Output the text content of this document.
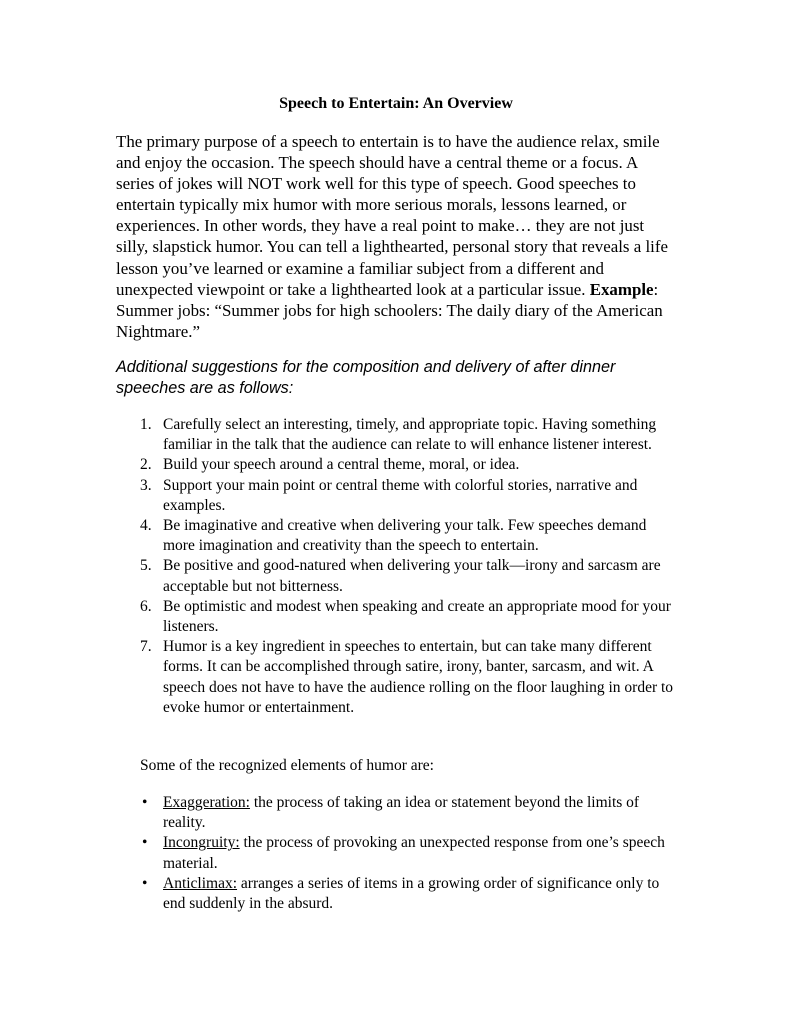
Speech to Entertain: An Overview

The primary purpose of a speech to entertain is to have the audience relax, smile and enjoy the occasion. The speech should have a central theme or a focus. A series of jokes will NOT work well for this type of speech. Good speeches to entertain typically mix humor with more serious morals, lessons learned, or experiences. In other words, they have a real point to make… they are not just silly, slapstick humor. You can tell a lighthearted, personal story that reveals a life lesson you’ve learned or examine a familiar subject from a different and unexpected viewpoint or take a lighthearted look at a particular issue. Example: Summer jobs: “Summer jobs for high schoolers: The daily diary of the American Nightmare.”

Additional suggestions for the composition and delivery of after dinner speeches are as follows:

1. Carefully select an interesting, timely, and appropriate topic. Having something familiar in the talk that the audience can relate to will enhance listener interest.
2. Build your speech around a central theme, moral, or idea.
3. Support your main point or central theme with colorful stories, narrative and examples.
4. Be imaginative and creative when delivering your talk. Few speeches demand more imagination and creativity than the speech to entertain.
5. Be positive and good-natured when delivering your talk—irony and sarcasm are acceptable but not bitterness.
6. Be optimistic and modest when speaking and create an appropriate mood for your listeners.
7. Humor is a key ingredient in speeches to entertain, but can take many different forms. It can be accomplished through satire, irony, banter, sarcasm, and wit. A speech does not have to have the audience rolling on the floor laughing in order to evoke humor or entertainment.

Some of the recognized elements of humor are:

• Exaggeration: the process of taking an idea or statement beyond the limits of reality.
• Incongruity: the process of provoking an unexpected response from one’s speech material.
• Anticlimax: arranges a series of items in a growing order of significance only to end suddenly in the absurd.
